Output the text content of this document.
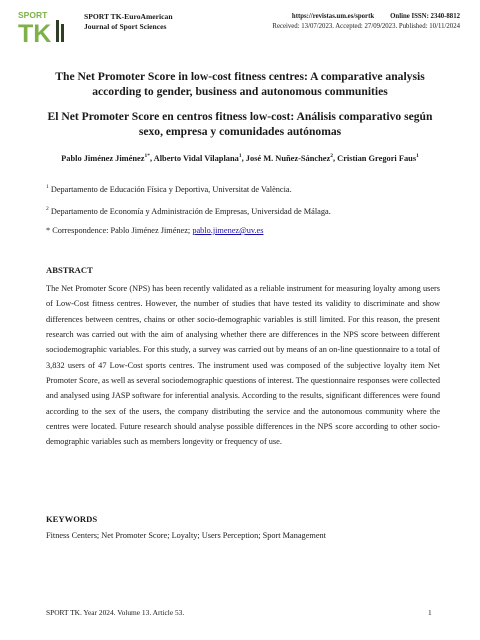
SPORT
TK
SPORT TK-EuroAmerican
Journal of Sport Sciences
https://revistas.um.es/sportk Online ISSN: 2340-8812
Received: 13/07/2023. Accepted: 27/09/2023. Published: 10/11/2024
The Net Promoter Score in low-cost fitness centres: A comparative analysis according to gender, business and autonomous communities
El Net Promoter Score en centros fitness low-cost: Análisis comparativo según sexo, empresa y comunidades autónomas
Pablo Jiménez Jiménez$^{1*}$, Alberto Vidal Vilaplana$^1$, José M. Nuñez-Sánchez$^2$, Cristian Gregori Faus$^1$
$^1$ Departamento de Educación Física y Deportiva, Universitat de València.
$^2$ Departamento de Economía y Administración de Empresas, Universidad de Málaga.
* Correspondence: Pablo Jiménez Jiménez; pablo.jimenez@uv.es
ABSTRACT
The Net Promoter Score (NPS) has been recently validated as a reliable instrument for measuring loyalty among users of Low-Cost fitness centres. However, the number of studies that have tested its validity to discriminate and show differences between centres, chains or other socio-demographic variables is still limited. For this reason, the present research was carried out with the aim of analysing whether there are differences in the NPS score between different sociodemographic variables. For this study, a survey was carried out by means of an on-line questionnaire to a total of 3,832 users of 47 Low-Cost sports centres. The instrument used was composed of the subjective loyalty item Net Promoter Score, as well as several sociodemographic questions of interest. The questionnaire responses were collected and analysed using JASP software for inferential analysis. According to the results, significant differences were found according to the sex of the users, the company distributing the service and the autonomous community where the centres were located. Future research should analyse possible differences in the NPS score according to other socio-demographic variables such as members longevity or frequency of use.
KEYWORDS
Fitness Centers; Net Promoter Score; Loyalty; Users Perception; Sport Management
SPORT TK. Year 2024. Volume 13. Article 53.	1
